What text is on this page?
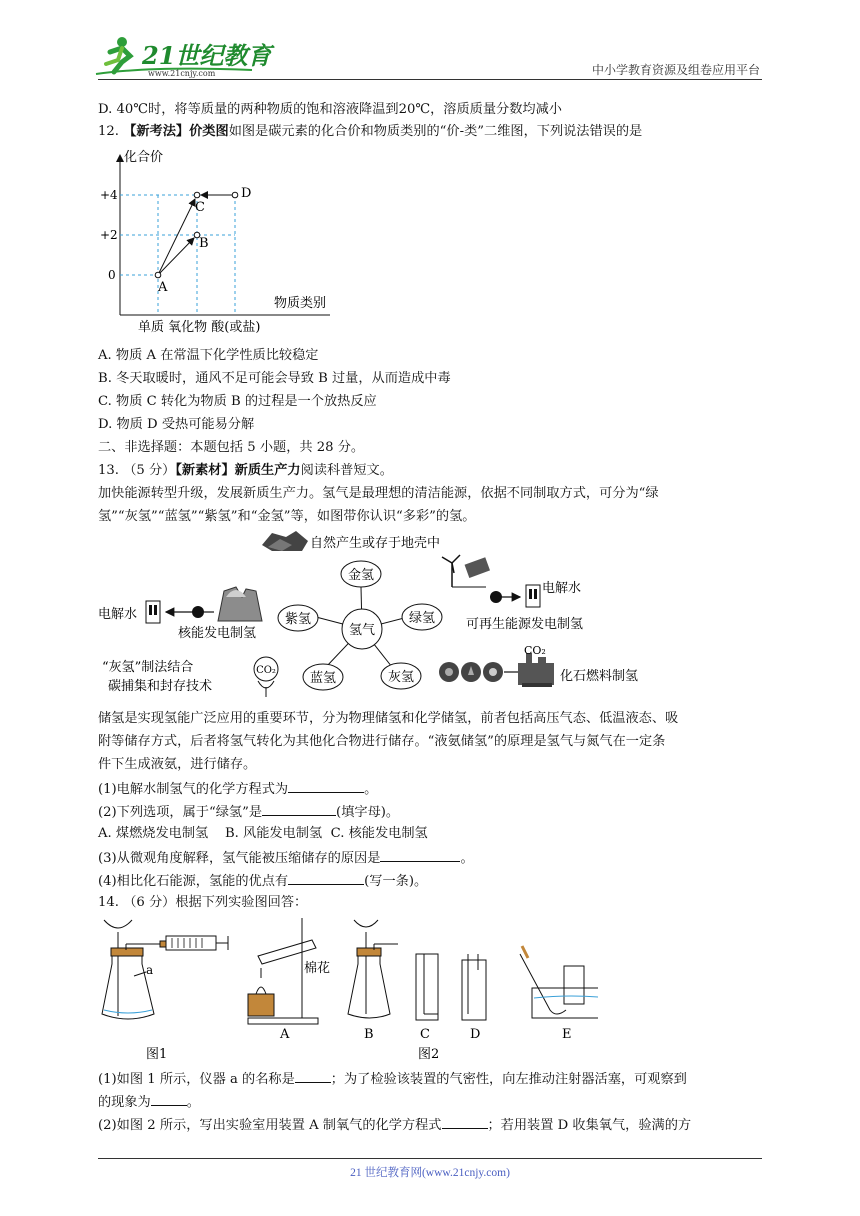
21世纪教育
www.21cnjy.com	中小学教育资源及组卷应用平台
D. 40℃时，将等质量的两种物质的饱和溶液降温到20℃，溶质质量分数均减小
12. 【新考法】价类图如图是碳元素的化合价和物质类别的“价-类”二维图，下列说法错误的是
化合价
物质类别
+4
+2
0
单质 氧化物 酸(或盐)
A
B
C
D
A. 物质 A 在常温下化学性质比较稳定
B. 冬天取暖时，通风不足可能会导致 B 过量，从而造成中毒
C. 物质 C 转化为物质 B 的过程是一个放热反应
D. 物质 D 受热可能易分解
二、非选择题：本题包括 5 小题，共 28 分。
13. （5 分）【新素材】新质生产力阅读科普短文。
加快能源转型升级，发展新质生产力。氢气是最理想的清洁能源，依据不同制取方式，可分为“绿
氢”“灰氢”“蓝氢”“紫氢”和“金氢”等，如图带你认识“多彩”的氢。
氢气
金氢
紫氢	绿氢
蓝氢	灰氢
自然产生或存于地壳中
电解水
核能发电制氢
电解水
可再生能源发电制氢
“灰氢”制法结合
碳捕集和封存技术
CO₂
CO₂
化石燃料制氢
储氢是实现氢能广泛应用的重要环节，分为物理储氢和化学储氢，前者包括高压气态、低温液态、吸
附等储存方式，后者将氢气转化为其他化合物进行储存。“液氨储氢”的原理是氢气与氮气在一定条
件下生成液氨，进行储存。
(1)电解水制氢气的化学方程式为	。
(2)下列选项，属于“绿氢”是	(填字母)。
A. 煤燃烧发电制氢    B. 风能发电制氢  C. 核能发电制氢
(3)从微观角度解释，氢气能被压缩储存的原因是	。
(4)相比化石能源，氢能的优点有	(写一条)。
14. （6 分）根据下列实验图回答：
a
图1
棉花
A	B	C	D	E
图2
(1)如图 1 所示，仪器 a 的名称是	；为了检验该装置的气密性，向左推动注射器活塞，可观察到
的现象为	。
(2)如图 2 所示，写出实验室用装置 A 制氧气的化学方程式	；若用装置 D 收集氧气，验满的方
21 世纪教育网(www.21cnjy.com)
